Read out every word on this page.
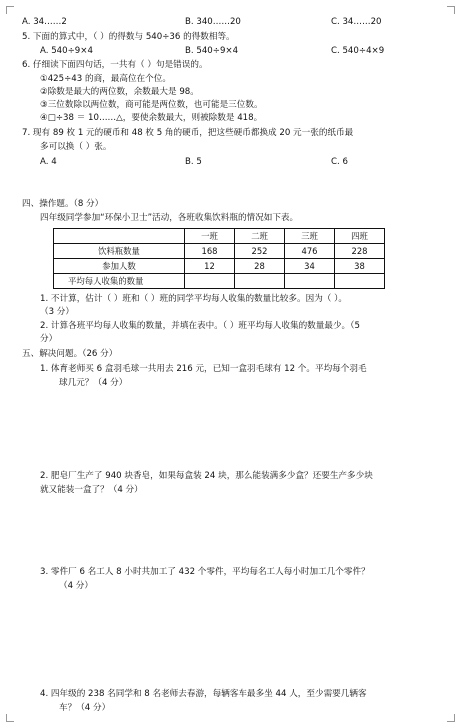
A. 34……2	B. 340……20	C. 34……20
5. 下面的算式中，（ ）的得数与 540÷36 的得数相等。
A. 540÷9×4	B. 540÷9×4	C. 540÷4×9
6. 仔细读下面四句话，一共有（ ）句是错误的。
①425÷43 的商，最高位在个位。
②除数是最大的两位数，余数最大是 98。
③三位数除以两位数，商可能是两位数，也可能是三位数。
④□÷38 ＝ 10……△，要使余数最大，则被除数是 418。
7. 现有 89 枚 1 元的硬币和 48 枚 5 角的硬币，把这些硬币都换成 20 元一张的纸币最
多可以换（ ）张。
A. 4	B. 5	C. 6
四、操作题。（8 分）
四年级同学参加“环保小卫士”活动，各班收集饮料瓶的情况如下表。
1. 不计算，估计（ ）班和（ ）班的同学平均每人收集的数量比较多。因为（ ）。
（3 分）
2. 计算各班平均每人收集的数量，并填在表中。（ ）班平均每人收集的数量最少。（5
分）
五、解决问题。（26 分）
1. 体育老师买 6 盒羽毛球一共用去 216 元，已知一盒羽毛球有 12 个。平均每个羽毛
球几元？（4 分）
2. 肥皂厂生产了 940 块香皂，如果每盒装 24 块，那么能装满多少盒？还要生产多少块
就又能装一盒了？（4 分）
3. 零件厂 6 名工人 8 小时共加工了 432 个零件，平均每名工人每小时加工几个零件？
（4 分）
4. 四年级的 238 名同学和 8 名老师去春游，每辆客车最多坐 44 人，至少需要几辆客
车？（4 分）
	一班	二班	三班	四班
饮料瓶数量	168	252	476	228
参加人数	12	28	34	38
平均每人收集的数量				
